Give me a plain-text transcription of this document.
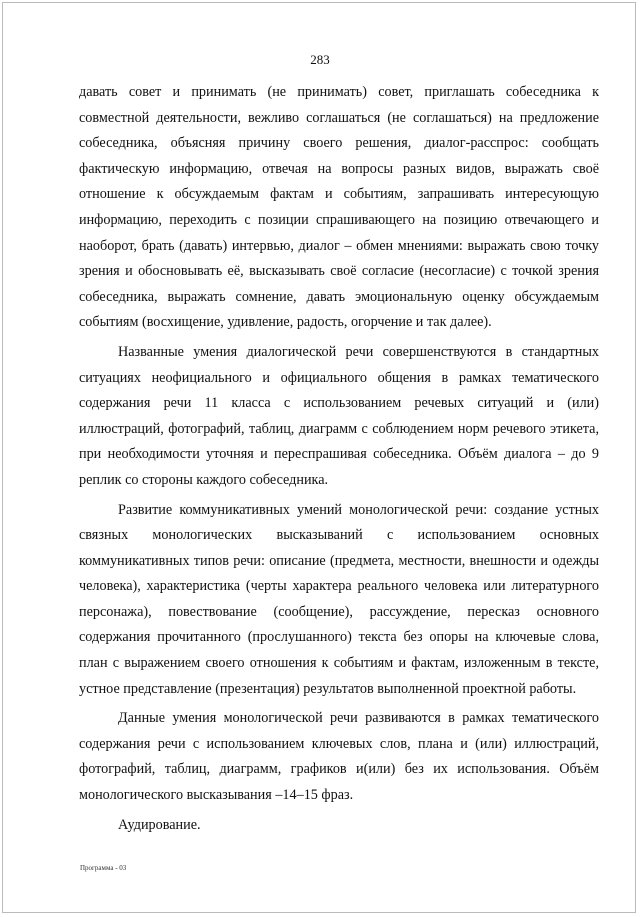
283

давать совет и принимать (не принимать) совет, приглашать собеседника к совместной деятельности, вежливо соглашаться (не соглашаться) на предложение собеседника, объясняя причину своего решения, диалог-расспрос: сообщать фактическую информацию, отвечая на вопросы разных видов, выражать своё отношение к обсуждаемым фактам и событиям, запрашивать интересующую информацию, переходить с позиции спрашивающего на позицию отвечающего и наоборот, брать (давать) интервью, диалог – обмен мнениями: выражать свою точку зрения и обосновывать её, высказывать своё согласие (несогласие) с точкой зрения собеседника, выражать сомнение, давать эмоциональную оценку обсуждаемым событиям (восхищение, удивление, радость, огорчение и так далее).

Названные умения диалогической речи совершенствуются в стандартных ситуациях неофициального и официального общения в рамках тематического содержания речи 11 класса с использованием речевых ситуаций и (или) иллюстраций, фотографий, таблиц, диаграмм с соблюдением норм речевого этикета, при необходимости уточняя и переспрашивая собеседника. Объём диалога – до 9 реплик со стороны каждого собеседника.

Развитие коммуникативных умений монологической речи: создание устных связных монологических высказываний с использованием основных коммуникативных типов речи: описание (предмета, местности, внешности и одежды человека), характеристика (черты характера реального человека или литературного персонажа), повествование (сообщение), рассуждение, пересказ основного содержания прочитанного (прослушанного) текста без опоры на ключевые слова, план с выражением своего отношения к событиям и фактам, изложенным в тексте, устное представление (презентация) результатов выполненной проектной работы.

Данные умения монологической речи развиваются в рамках тематического содержания речи с использованием ключевых слов, плана и (или) иллюстраций, фотографий, таблиц, диаграмм, графиков и(или) без их использования. Объём монологического высказывания –14–15 фраз.

Аудирование.

Программа - 03
